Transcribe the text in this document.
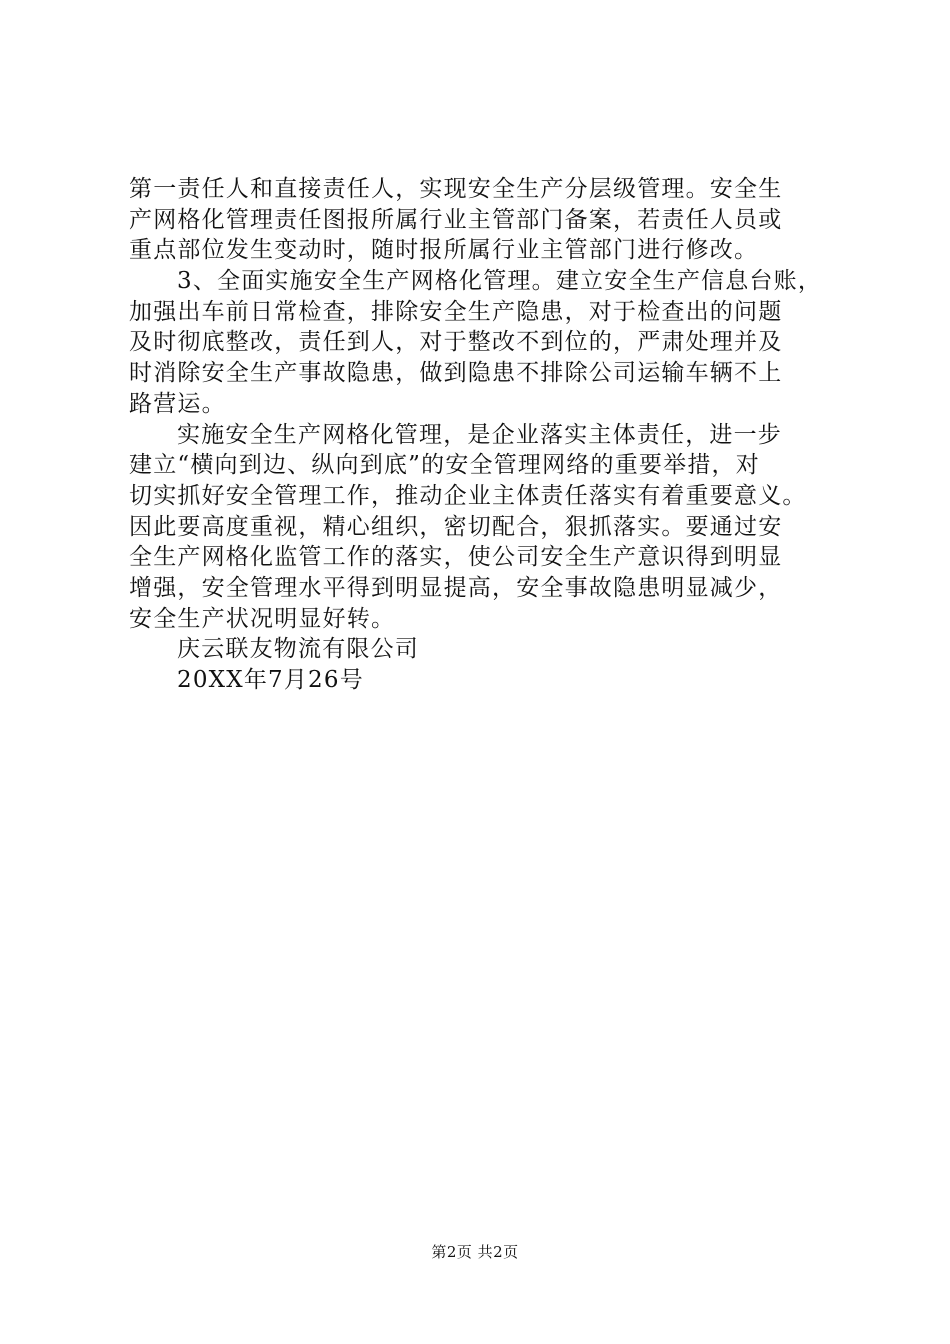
第一责任人和直接责任人，实现安全生产分层级管理。安全生
产网格化管理责任图报所属行业主管部门备案，若责任人员或
重点部位发生变动时，随时报所属行业主管部门进行修改。
3、全面实施安全生产网格化管理。建立安全生产信息台账，
加强出车前日常检查，排除安全生产隐患，对于检查出的问题
及时彻底整改，责任到人，对于整改不到位的，严肃处理并及
时消除安全生产事故隐患，做到隐患不排除公司运输车辆不上
路营运。
实施安全生产网格化管理，是企业落实主体责任，进一步
建立“横向到边、纵向到底”的安全管理网络的重要举措，对
切实抓好安全管理工作，推动企业主体责任落实有着重要意义。
因此要高度重视，精心组织，密切配合，狠抓落实。要通过安
全生产网格化监管工作的落实，使公司安全生产意识得到明显
增强，安全管理水平得到明显提高，安全事故隐患明显减少，
安全生产状况明显好转。
庆云联友物流有限公司
20XX年7月26号
第2页 共2页
